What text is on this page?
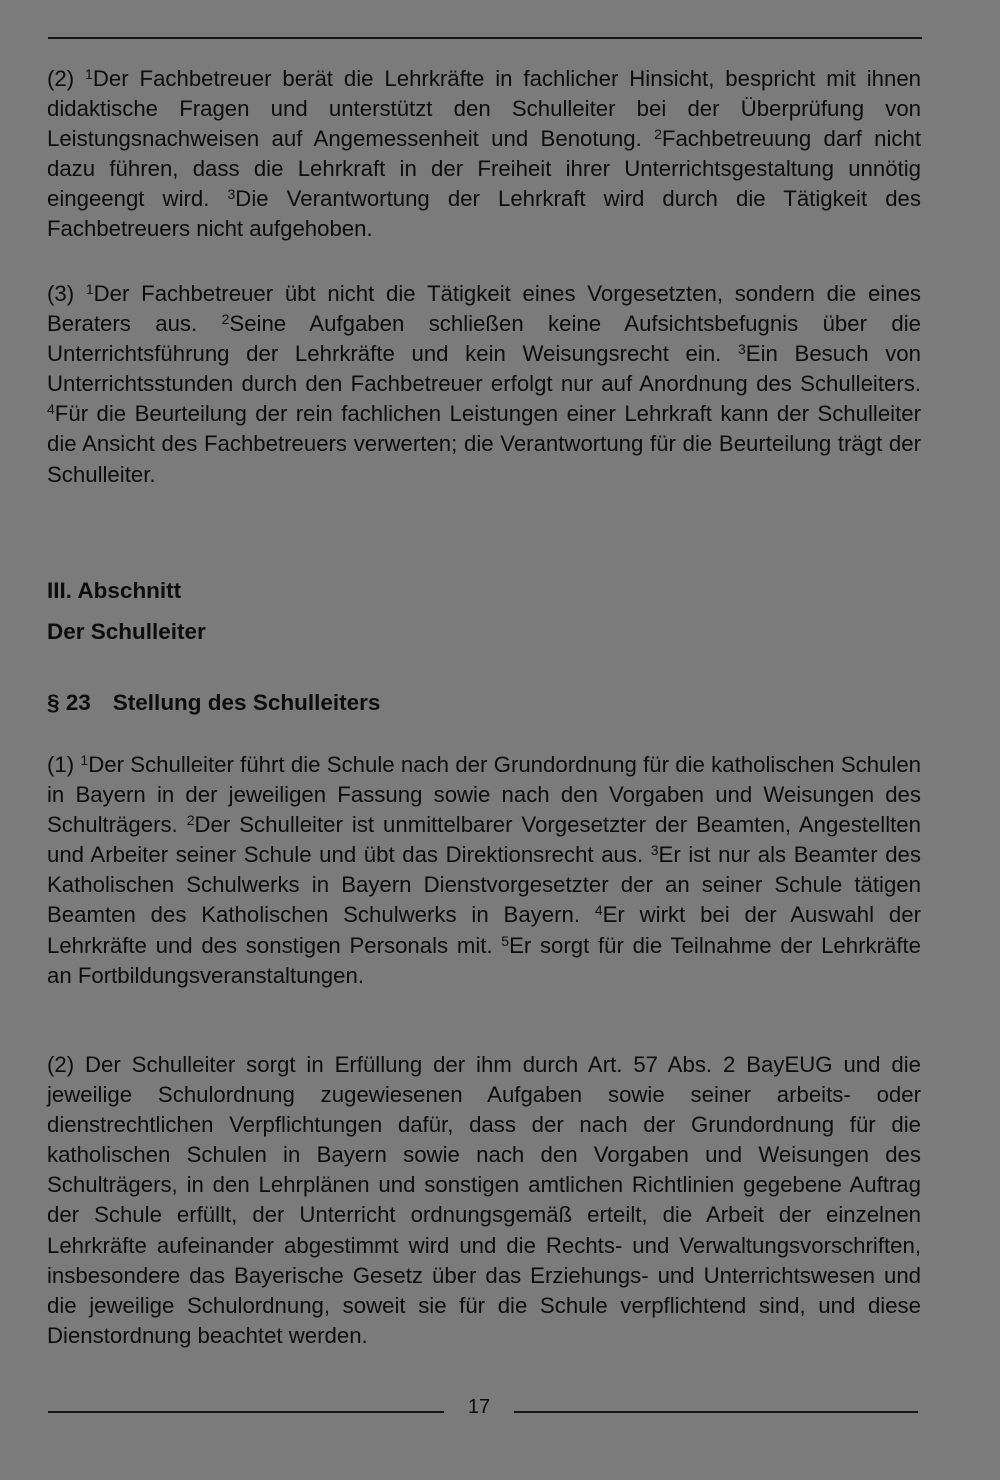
(2) $^1$Der Fachbetreuer berät die Lehrkräfte in fachlicher Hinsicht, bespricht mit ihnen didaktische Fragen und unterstützt den Schulleiter bei der Überprüfung von Leistungsnachweisen auf Angemessenheit und Benotung. $^2$Fachbetreuung darf nicht dazu führen, dass die Lehrkraft in der Freiheit ihrer Unterrichtsgestaltung unnötig eingeengt wird. $^3$Die Verantwortung der Lehrkraft wird durch die Tätigkeit des Fachbetreuers nicht aufgehoben.
(3) $^1$Der Fachbetreuer übt nicht die Tätigkeit eines Vorgesetzten, sondern die eines Beraters aus. $^2$Seine Aufgaben schließen keine Aufsichtsbefugnis über die Unterrichtsführung der Lehrkräfte und kein Weisungsrecht ein. $^3$Ein Besuch von Unterrichtsstunden durch den Fachbetreuer erfolgt nur auf Anordnung des Schulleiters. $^4$Für die Beurteilung der rein fachlichen Leistungen einer Lehrkraft kann der Schulleiter die Ansicht des Fachbetreuers verwerten; die Verantwortung für die Beurteilung trägt der Schulleiter.
III. Abschnitt
Der Schulleiter
§ 23 Stellung des Schulleiters
(1) $^1$Der Schulleiter führt die Schule nach der Grundordnung für die katholischen Schulen in Bayern in der jeweiligen Fassung sowie nach den Vorgaben und Weisungen des Schulträgers. $^2$Der Schulleiter ist unmittelbarer Vorgesetzter der Beamten, Angestellten und Arbeiter seiner Schule und übt das Direktionsrecht aus. $^3$Er ist nur als Beamter des Katholischen Schulwerks in Bayern Dienstvorgesetzter der an seiner Schule tätigen Beamten des Katholischen Schulwerks in Bayern. $^4$Er wirkt bei der Auswahl der Lehrkräfte und des sonstigen Personals mit. $^5$Er sorgt für die Teilnahme der Lehrkräfte an Fortbildungsveranstaltungen.
(2) Der Schulleiter sorgt in Erfüllung der ihm durch Art. 57 Abs. 2 BayEUG und die jeweilige Schulordnung zugewiesenen Aufgaben sowie seiner arbeits- oder dienstrechtlichen Verpflichtungen dafür, dass der nach der Grundordnung für die katholischen Schulen in Bayern sowie nach den Vorgaben und Weisungen des Schulträgers, in den Lehrplänen und sonstigen amtlichen Richtlinien gegebene Auftrag der Schule erfüllt, der Unterricht ordnungsgemäß erteilt, die Arbeit der einzelnen Lehrkräfte aufeinander abgestimmt wird und die Rechts- und Verwaltungsvorschriften, insbesondere das Bayerische Gesetz über das Erziehungs- und Unterrichtswesen und die jeweilige Schulordnung, soweit sie für die Schule verpflichtend sind, und diese Dienstordnung beachtet werden.
17
